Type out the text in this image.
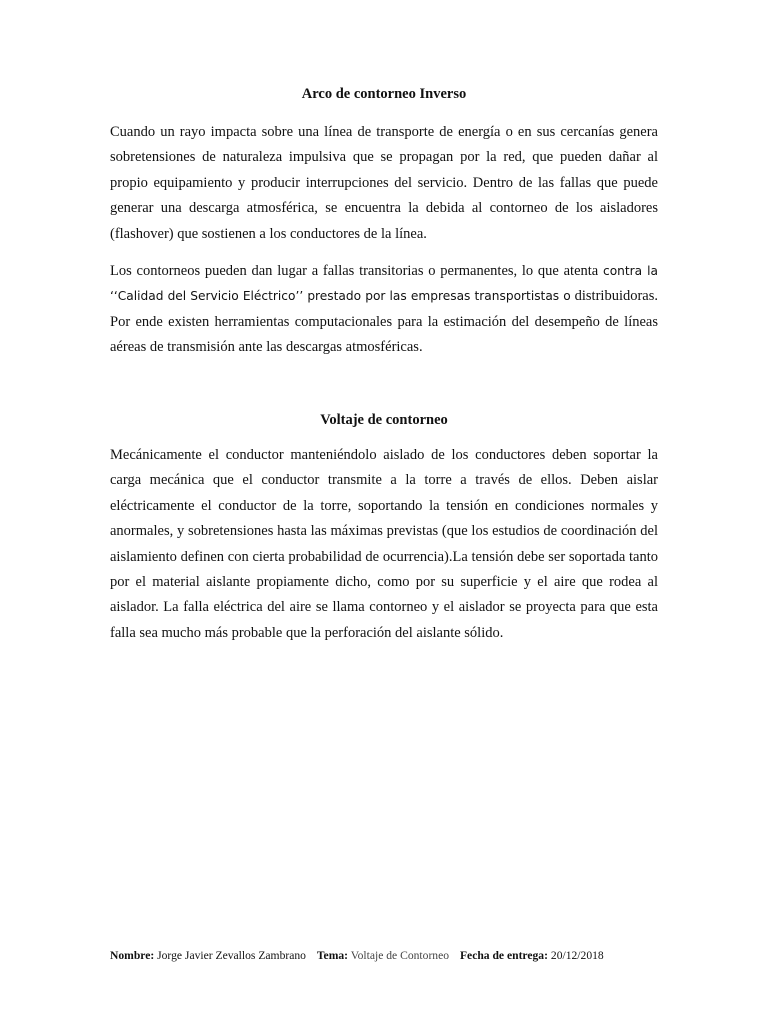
Arco de contorneo Inverso

Cuando un rayo impacta sobre una línea de transporte de energía o en sus cercanías genera sobretensiones de naturaleza impulsiva que se propagan por la red, que pueden dañar al propio equipamiento y producir interrupciones del servicio. Dentro de las fallas que puede generar una descarga atmosférica, se encuentra la debida al contorneo de los aisladores (flashover) que sostienen a los conductores de la línea.

Los contorneos pueden dan lugar a fallas transitorias o permanentes, lo que atenta contra la ‘‘Calidad del Servicio Eléctrico’’ prestado por las empresas transportistas o distribuidoras. Por ende existen herramientas computacionales para la estimación del desempeño de líneas aéreas de transmisión ante las descargas atmosféricas.

Voltaje de contorneo

Mecánicamente el conductor manteniéndolo aislado de los conductores deben soportar la carga mecánica que el conductor transmite a la torre a través de ellos. Deben aislar eléctricamente el conductor de la torre, soportando la tensión en condiciones normales y anormales, y sobretensiones hasta las máximas previstas (que los estudios de coordinación del aislamiento definen con cierta probabilidad de ocurrencia).La tensión debe ser soportada tanto por el material aislante propiamente dicho, como por su superficie y el aire que rodea al aislador. La falla eléctrica del aire se llama contorneo y el aislador se proyecta para que esta falla sea mucho más probable que la perforación del aislante sólido.

Nombre: Jorge Javier Zevallos Zambrano Tema: Voltaje de Contorneo Fecha de entrega: 20/12/2018
